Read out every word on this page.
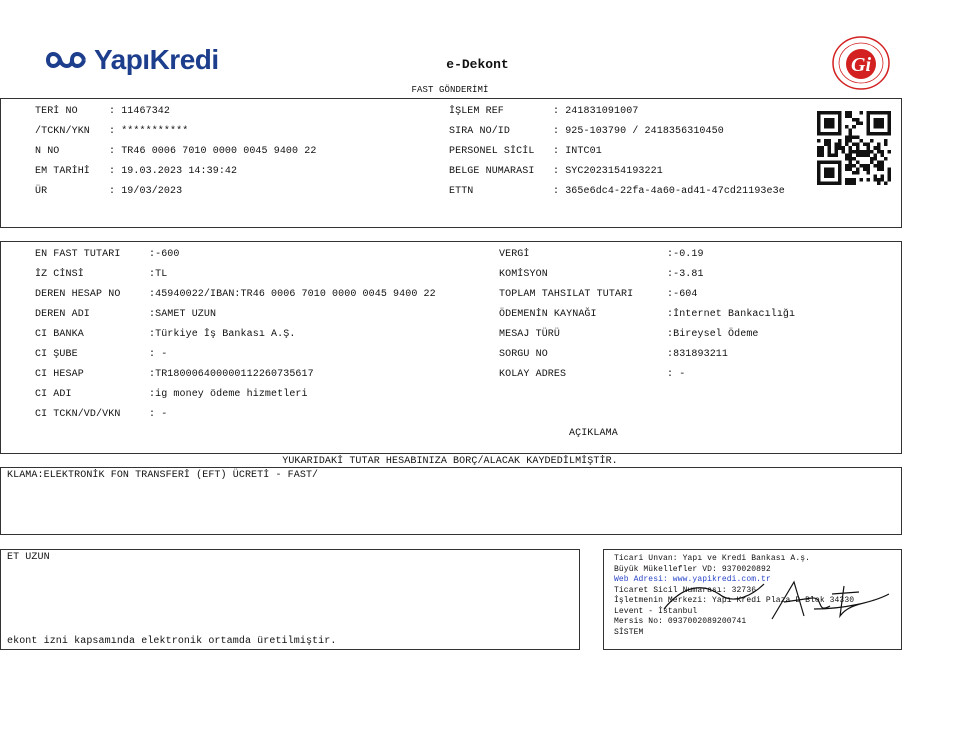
YapıKredi	e-Dekont
FAST GÖNDERİMİ
Gi
TERİ NO	: 11467342
/TCKN/YKN : ***********
N NO	: TR46 0006 7010 0000 0045 9400 22
EM TARİHİ : 19.03.2023 14:39:42
ÜR	: 19/03/2023
İŞLEM REF	: 241831091007
SIRA NO/ID	: 925-103790 / 2418356310450
PERSONEL SİCİL : INTC01
BELGE NUMARASI : SYC2023154193221
ETTN	: 365e6dc4-22fa-4a60-ad41-47cd21193e3e
EN FAST TUTARI	:-600
İZ CİNSİ	:TL
DEREN HESAP NO	:45940022/IBAN:TR46 0006 7010 0000 0045 9400 22
DEREN ADI	:SAMET UZUN
CI BANKA	:Türkiye İş Bankası A.Ş.
CI ŞUBE	: -
CI HESAP	:TR180006400000112260735617
CI ADI	:ig money ödeme hizmetleri
CI TCKN/VD/VKN	: -
VERGİ	:-0.19
KOMİSYON	:-3.81
TOPLAM TAHSILAT TUTARI	:-604
ÖDEMENİN KAYNAĞI	:İnternet Bankacılığı
MESAJ TÜRÜ	:Bireysel Ödeme
SORGU NO	:831893211
KOLAY ADRES	: -
AÇIKLAMA
YUKARIDAKİ TUTAR HESABINIZA BORÇ/ALACAK KAYDEDİLMİŞTİR.
KLAMA:ELEKTRONİK FON TRANSFERİ (EFT) ÜCRETİ - FAST/
ET UZUN
ekont izni kapsamında elektronik ortamda üretilmiştir.
Ticari Unvan: Yapı ve Kredi Bankası A.ş.
Büyük Mükellefler VD: 9370020892
Web Adresi: www.yapikredi.com.tr
Ticaret Sicil Numarası: 32736
İşletmenin Merkezi: Yapı Kredi Plaza D Blok 34330
Levent - İstanbul
Mersis No: 0937002089200741
SİSTEM
